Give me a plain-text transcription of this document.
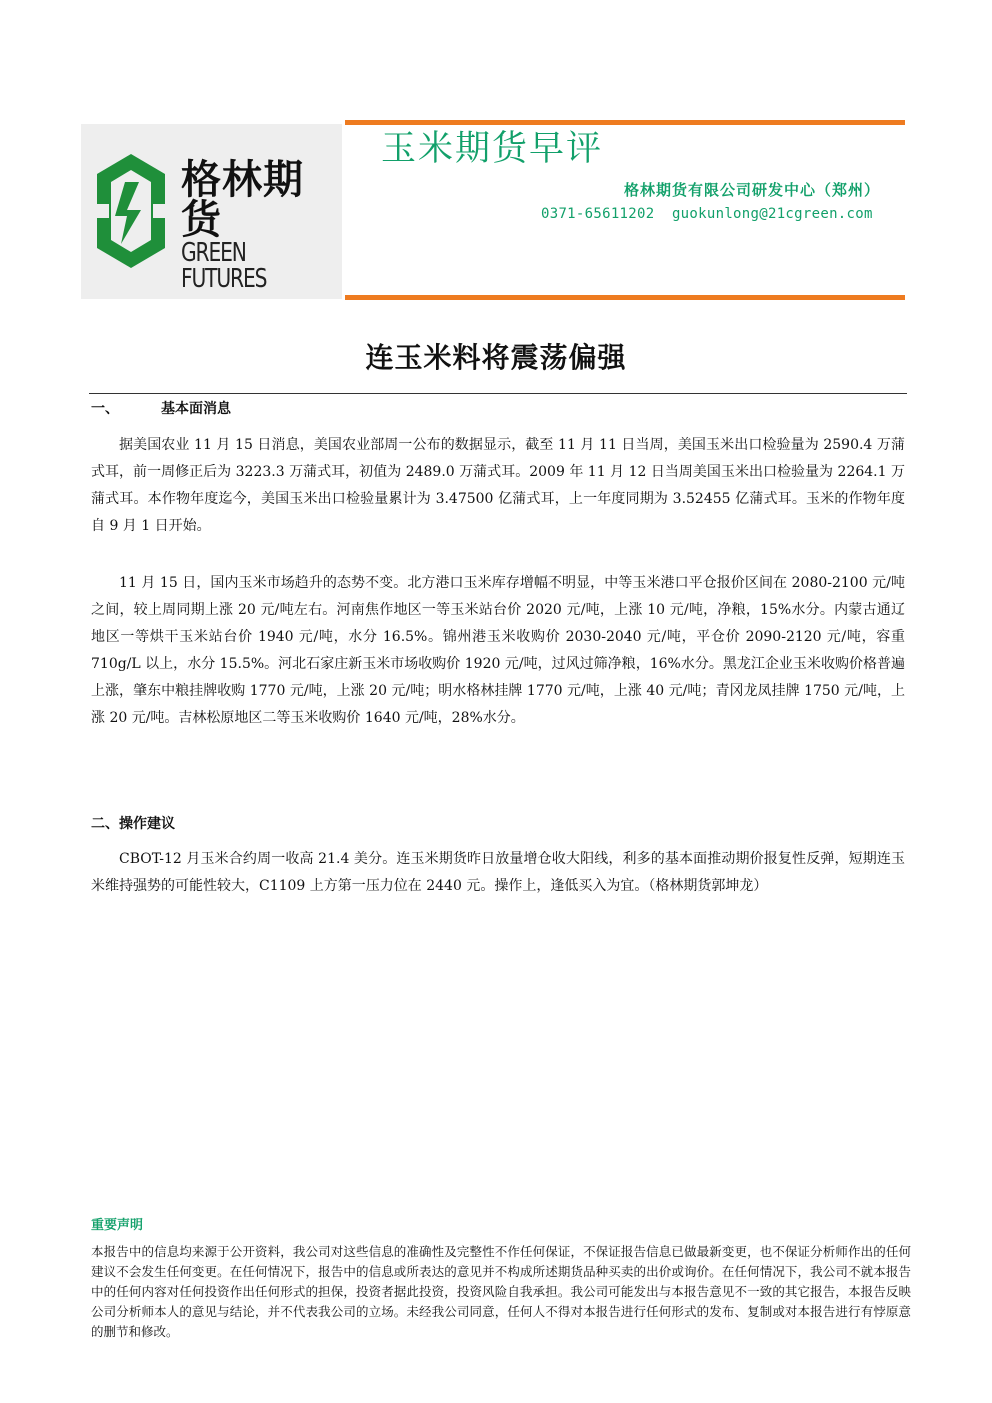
格林期货
GREEN FUTURES
玉米期货早评
格林期货有限公司研发中心（郑州）
0371-65611202 guokunlong@21cgreen.com
连玉米料将震荡偏强
一、	基本面消息

据美国农业 11 月 15 日消息，美国农业部周一公布的数据显示，截至 11 月 11 日当周，美国玉米出口检验量为 2590.4 万蒲式耳，前一周修正后为 3223.3 万蒲式耳，初值为 2489.0 万蒲式耳。2009 年 11 月 12 日当周美国玉米出口检验量为 2264.1 万蒲式耳。本作物年度迄今，美国玉米出口检验量累计为 3.47500 亿蒲式耳，上一年度同期为 3.52455 亿蒲式耳。玉米的作物年度自 9 月 1 日开始。

11 月 15 日，国内玉米市场趋升的态势不变。北方港口玉米库存增幅不明显，中等玉米港口平仓报价区间在 2080-2100 元/吨之间，较上周同期上涨 20 元/吨左右。河南焦作地区一等玉米站台价 2020 元/吨，上涨 10 元/吨，净粮，15%水分。内蒙古通辽地区一等烘干玉米站台价 1940 元/吨，水分 16.5%。锦州港玉米收购价 2030-2040 元/吨，平仓价 2090-2120 元/吨，容重 710g/L 以上，水分 15.5%。河北石家庄新玉米市场收购价 1920 元/吨，过风过筛净粮，16%水分。黑龙江企业玉米收购价格普遍上涨，肇东中粮挂牌收购 1770 元/吨，上涨 20 元/吨；明水格林挂牌 1770 元/吨，上涨 40 元/吨；青冈龙凤挂牌 1750 元/吨，上涨 20 元/吨。吉林松原地区二等玉米收购价 1640 元/吨，28%水分。

二、操作建议

CBOT-12 月玉米合约周一收高 21.4 美分。连玉米期货昨日放量增仓收大阳线，利多的基本面推动期价报复性反弹，短期连玉米维持强势的可能性较大，C1109 上方第一压力位在 2440 元。操作上，逢低买入为宜。（格林期货郭坤龙）

重要声明
本报告中的信息均来源于公开资料，我公司对这些信息的准确性及完整性不作任何保证，不保证报告信息已做最新变更，也不保证分析师作出的任何建议不会发生任何变更。在任何情况下，报告中的信息或所表达的意见并不构成所述期货品种买卖的出价或询价。在任何情况下，我公司不就本报告中的任何内容对任何投资作出任何形式的担保，投资者据此投资，投资风险自我承担。我公司可能发出与本报告意见不一致的其它报告，本报告反映公司分析师本人的意见与结论，并不代表我公司的立场。未经我公司同意，任何人不得对本报告进行任何形式的发布、复制或对本报告进行有悖原意的删节和修改。
